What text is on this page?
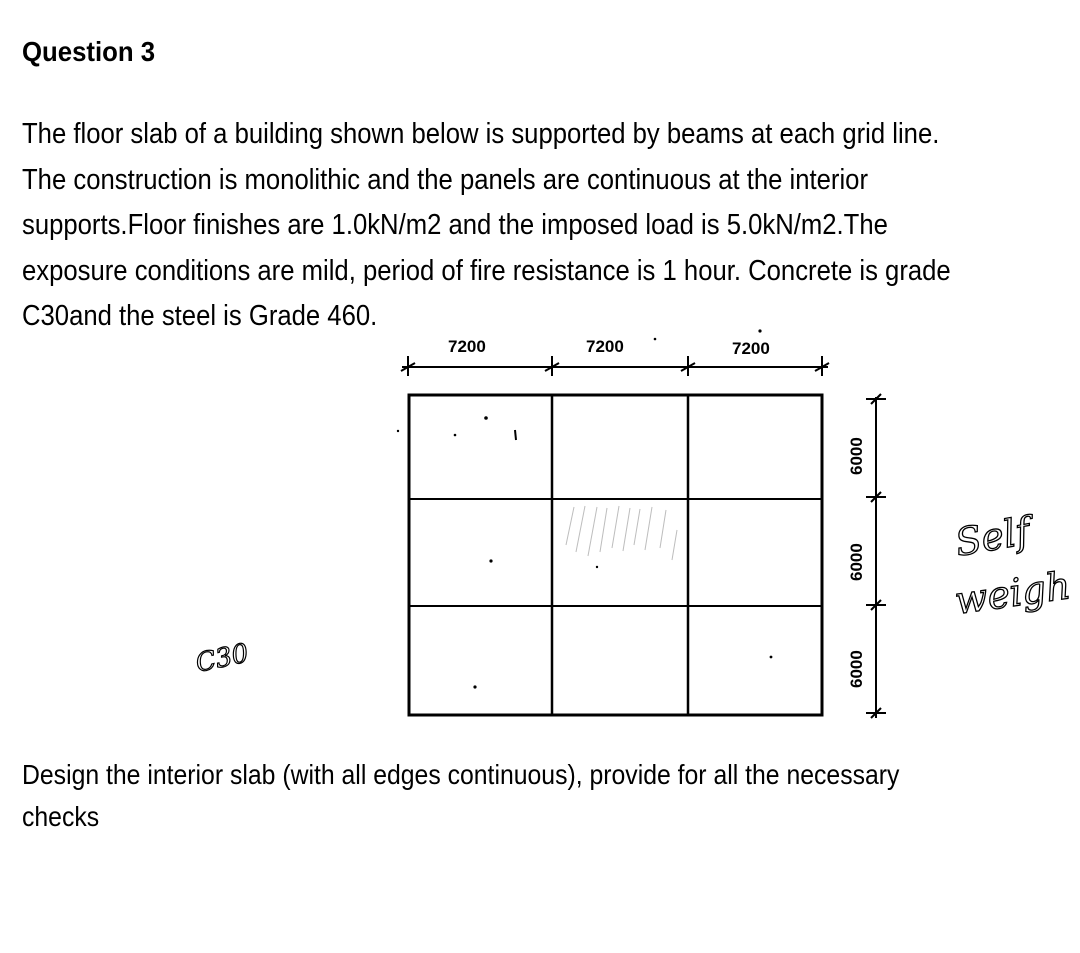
Question 3
The floor slab of a building shown below is supported by beams at each grid line.
The construction is monolithic and the panels are continuous at the interior
supports.Floor finishes are 1.0kN/m2 and the imposed load is 5.0kN/m2.The
exposure conditions are mild, period of fire resistance is 1 hour. Concrete is grade
C30and the steel is Grade 460.
7200	7200	7200
6000
6000
6000
C30
Self
weigh
Design the interior slab (with all edges continuous), provide for all the necessary
checks
